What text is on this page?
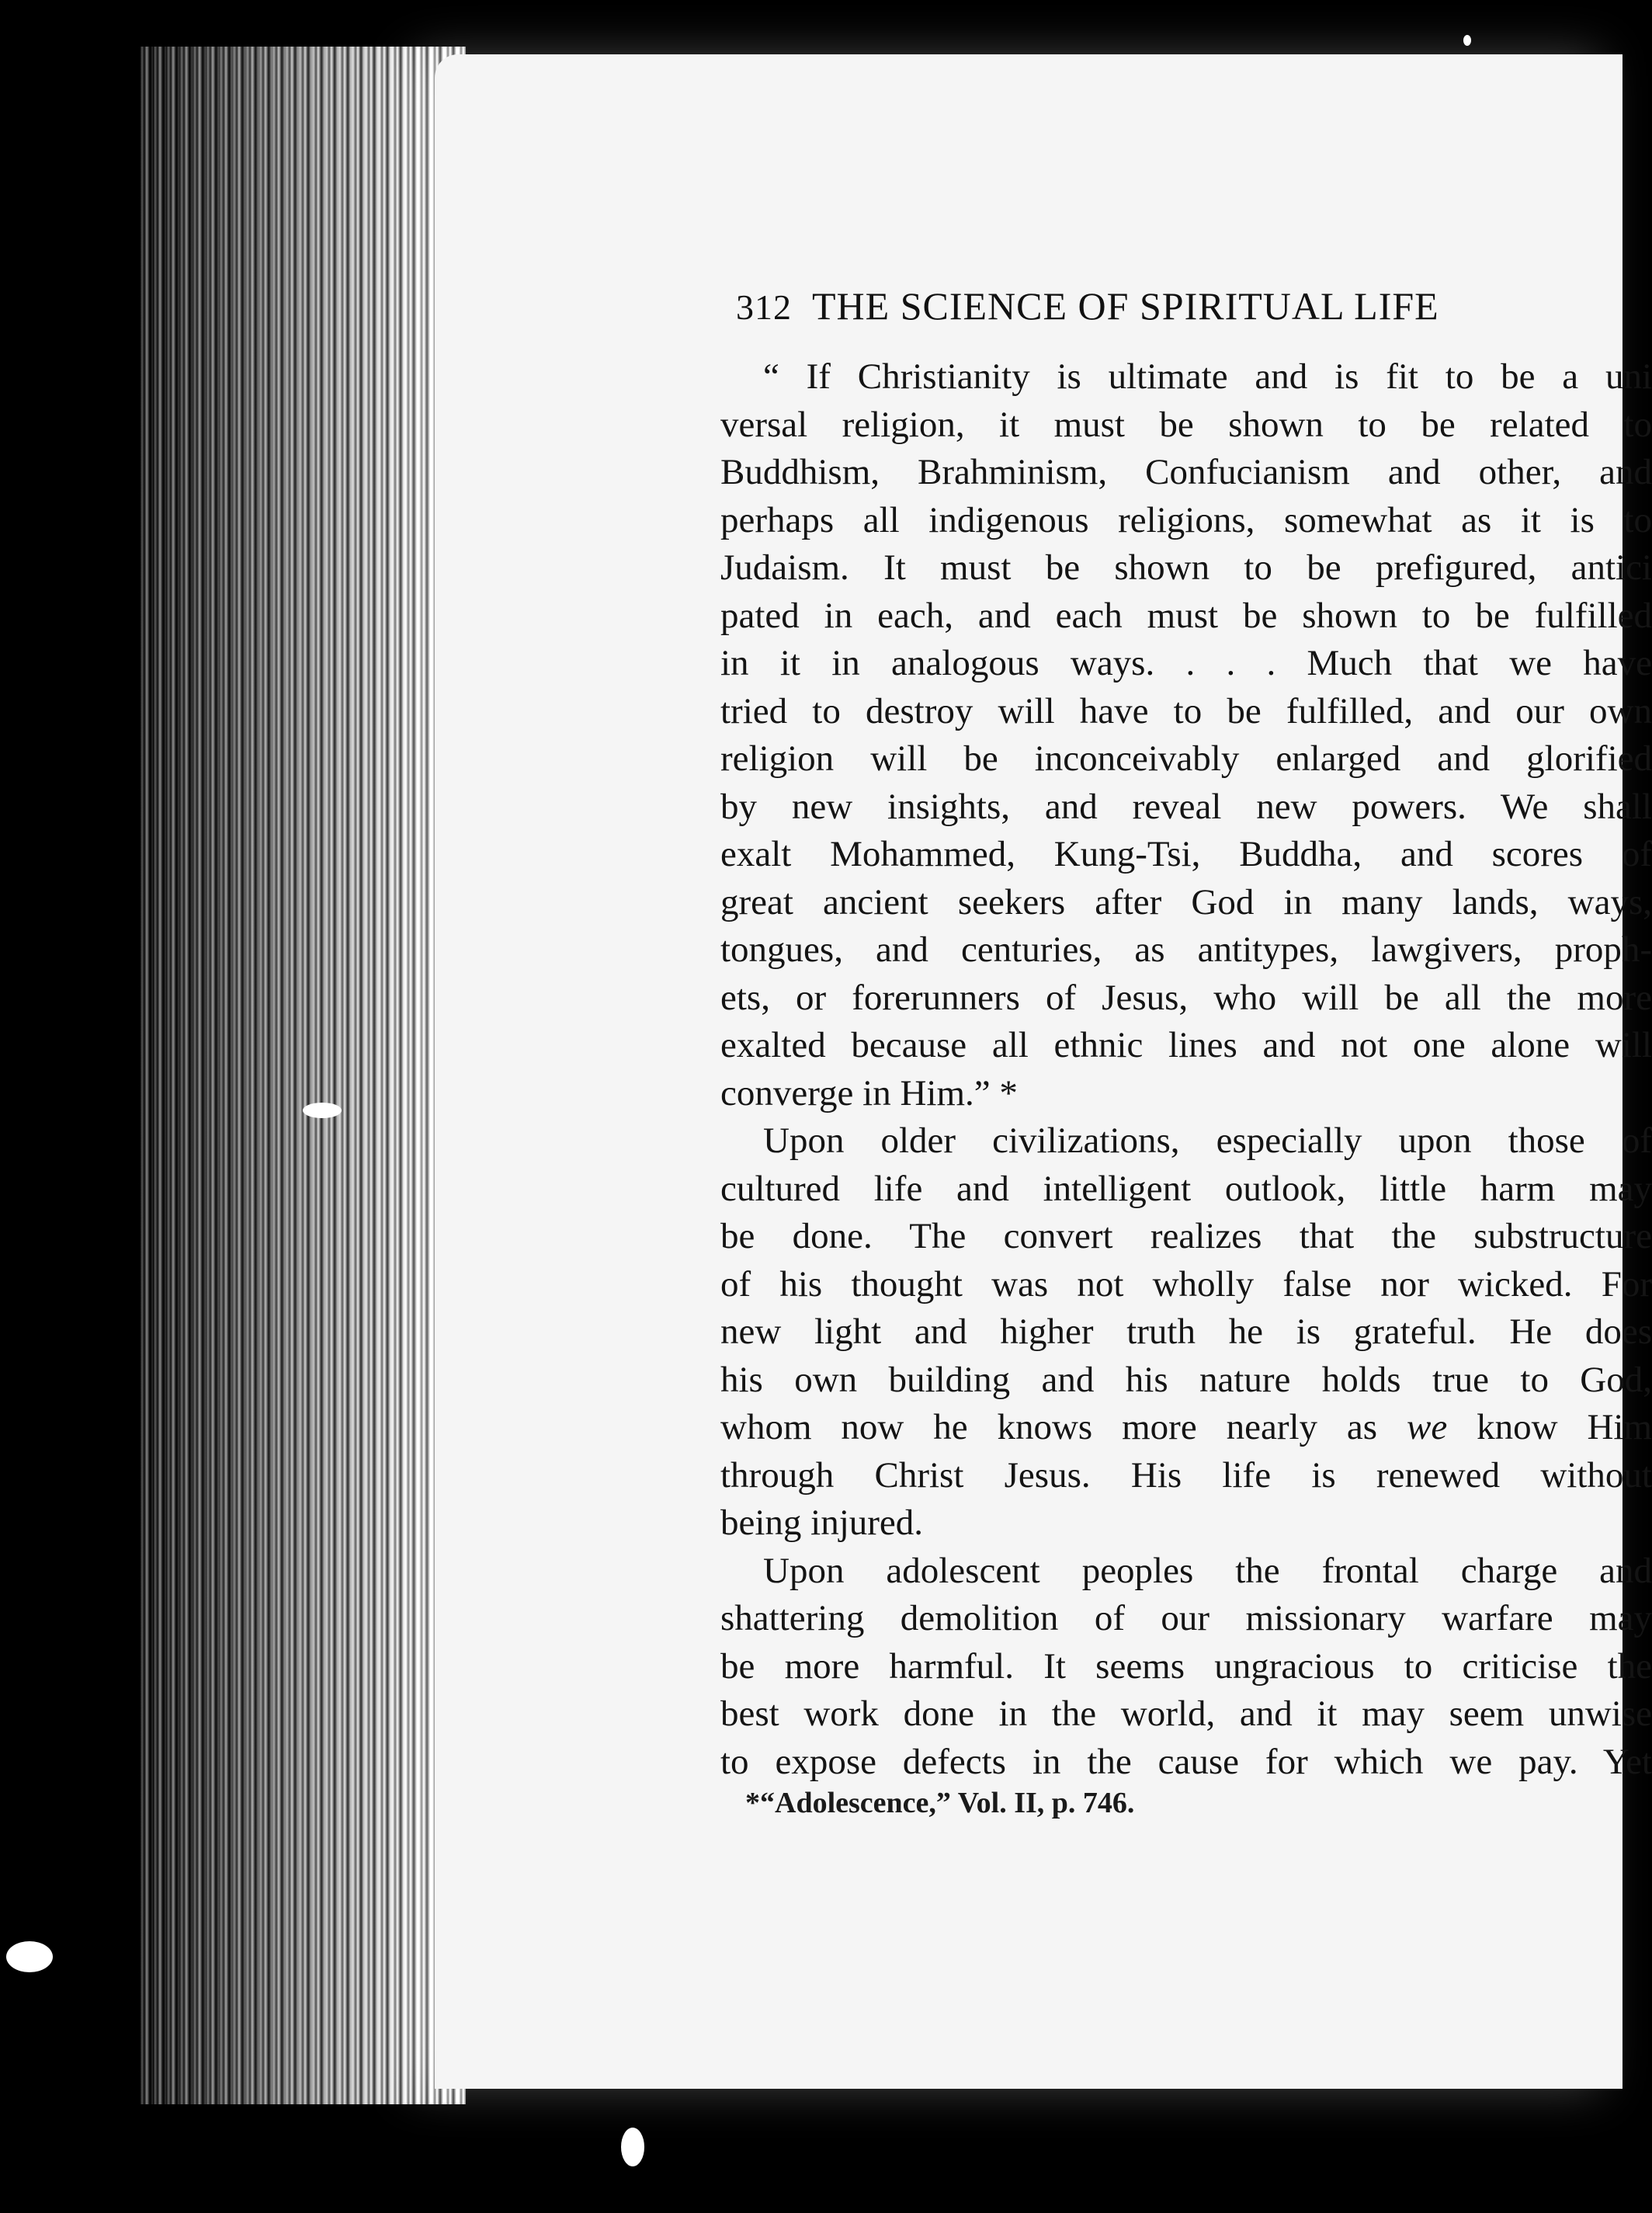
312 THE SCIENCE OF SPIRITUAL LIFE
“ If Christianity is ultimate and is fit to be a uni
versal religion, it must be shown to be related to
Buddhism, Brahminism, Confucianism and other, and
perhaps all indigenous religions, somewhat as it is to
Judaism. It must be shown to be prefigured, antici
pated in each, and each must be shown to be fulfilled
in it in analogous ways. . . . Much that we have
tried to destroy will have to be fulfilled, and our own
religion will be inconceivably enlarged and glorified
by new insights, and reveal new powers. We shall
exalt Mohammed, Kung-Tsi, Buddha, and scores of
great ancient seekers after God in many lands, ways,
tongues, and centuries, as antitypes, lawgivers, proph-
ets, or forerunners of Jesus, who will be all the more
exalted because all ethnic lines and not one alone will
converge in Him.” *
Upon older civilizations, especially upon those of
cultured life and intelligent outlook, little harm may
be done. The convert realizes that the substructure
of his thought was not wholly false nor wicked. For
new light and higher truth he is grateful. He does
his own building and his nature holds true to God,
whom now he knows more nearly as we know Him
through Christ Jesus. His life is renewed without
being injured.
Upon adolescent peoples the frontal charge and
shattering demolition of our missionary warfare may
be more harmful. It seems ungracious to criticise the
best work done in the world, and it may seem unwise
to expose defects in the cause for which we pay. Yet
*“Adolescence,” Vol. II, p. 746.
